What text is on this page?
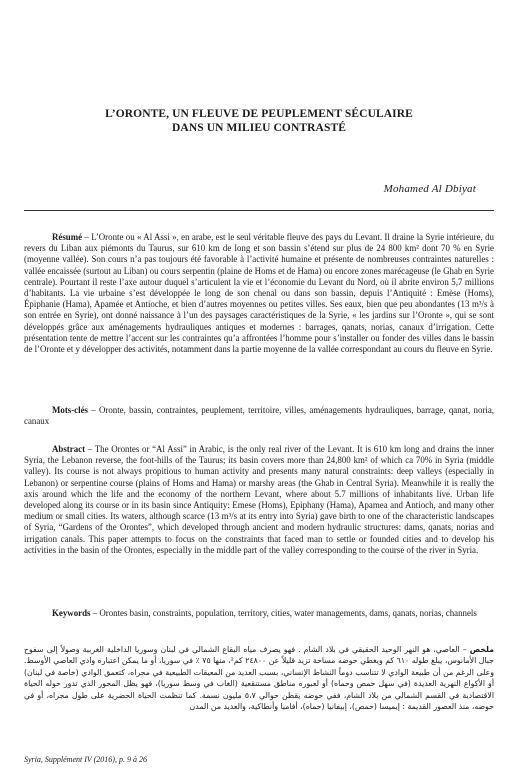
L’ORONTE, UN FLEUVE DE PEUPLEMENT SÉCULAIRE
DANS UN MILIEU CONTRASTÉ
Mohamed Al Dbiyat
Résumé – L’Oronte ou « Al Assi », en arabe, est le seul véritable fleuve des pays du Levant. Il draine la Syrie intérieure, du revers du Liban aux piémonts du Taurus, sur 610 km de long et son bassin s’étend sur plus de 24 800 km² dont 70 % en Syrie (moyenne vallée). Son cours n’a pas toujours été favorable à l’activité humaine et présente de nombreuses contraintes naturelles : vallée encaissée (surtout au Liban) ou cours serpentin (plaine de Homs et de Hama) ou encore zones marécageuse (le Ghab en Syrie centrale). Pourtant il reste l’axe autour duquel s’articulent la vie et l’économie du Levant du Nord, où il abrite environ 5,7 millions d’habitants. La vie urbaine s’est développée le long de son chenal ou dans son bassin, depuis l’Antiquité : Emèse (Homs), Épiphanie (Hama), Apamée et Antioche, et bien d’autres moyennes ou petites villes. Ses eaux, bien que peu abondantes (13 m³/s à son entrée en Syrie), ont donné naissance à l’un des paysages caractéristiques de la Syrie, « les jardins sur l’Oronte », qui se sont développés grâce aux aménagements hydrauliques antiques et modernes : barrages, qanats, norias, canaux d’irrigation. Cette présentation tente de mettre l’accent sur les contraintes qu’a affrontées l’homme pour s’installer ou fonder des villes dans le bassin de l’Oronte et y développer des activités, notamment dans la partie moyenne de la vallée correspondant au cours du fleuve en Syrie.
Mots-clés – Oronte, bassin, contraintes, peuplement, territoire, villes, aménagements hydrauliques, barrage, qanat, noria, canaux
Abstract – The Orontes or “Al Assi” in Arabic, is the only real river of the Levant. It is 610 km long and drains the inner Syria, the Lebanon reverse, the foot-hills of the Taurus; its basin covers more than 24,800 km² of which ca 70% in Syria (middle valley). Its course is not always propitious to human activity and presents many natural constraints: deep valleys (especially in Lebanon) or serpentine course (plains of Homs and Hama) or marshy areas (the Ghab in Central Syria). Meanwhile it is really the axis around which the life and the economy of the northern Levant, where about 5.7 millions of inhabitants live. Urban life developed along its course or in its basin since Antiquity: Emese (Homs), Epiphany (Hama), Apamea and Antioch, and many other medium or small cities. Its waters, although scarce (13 m³/s at its entry into Syria) gave birth to one of the characteristic landscapes of Syria, “Gardens of the Orontes”, which developed through ancient and modern hydraulic structures: dams, qanats, norias and irrigation canals. This paper attempts to focus on the constraints that faced man to settle or founded cities and to develop his activities in the basin of the Orontes, especially in the middle part of the valley corresponding to the course of the river in Syria.
Keywords – Orontes basin, constraints, population, territory, cities, water managements, dams, qanats, norias, channels
ملخص – العاصي، هو النهر الوحيد الحقيقي في بلاد الشام . فهو يصرف مياه البقاع الشمالي في لبنان وسوريا الداخلية الغربية وصولاً إلى سفوح جبال الأمانوس، يبلغ طوله ٦١٠ كم ويغطي حوضه مساحة تزيد قليلاً عن ٢٤٨٠٠ كم²، منها ٧٥ ٪ في سوريا، أو ما يمكن اعتباره وادي العاصي الأوسط. وعلى الرغم من أن طبيعة الوادي لا تتناسب دوماً النشاط الإنساني، بسبب العديد من المعيقات الطبيعية في مجراه، كتعمق الوادي (خاصة في لبنان) أو الأكواع النهرية العديدة (في سهل حمص وحماه) أو لعبوره مناطق مستنقعية (الغاب في وسط سوريا)، فهو يظل المحور الذي تدور حوله الحياة الاقتصادية في القسم الشمالي من بلاد الشام، ففي حوضه يقطن حوالي ٥،٧ مليون نسمة. كما تنظمت الحياة الحضرية على طول مجراه، أو في حوضه، منذ العصور القديمة : إيميسا (حمص)، إبيفانيا (حماه)، أفاميا وأنطاكية، والعديد من المدن
Syria, Supplément IV (2016), p. 9 à 26
